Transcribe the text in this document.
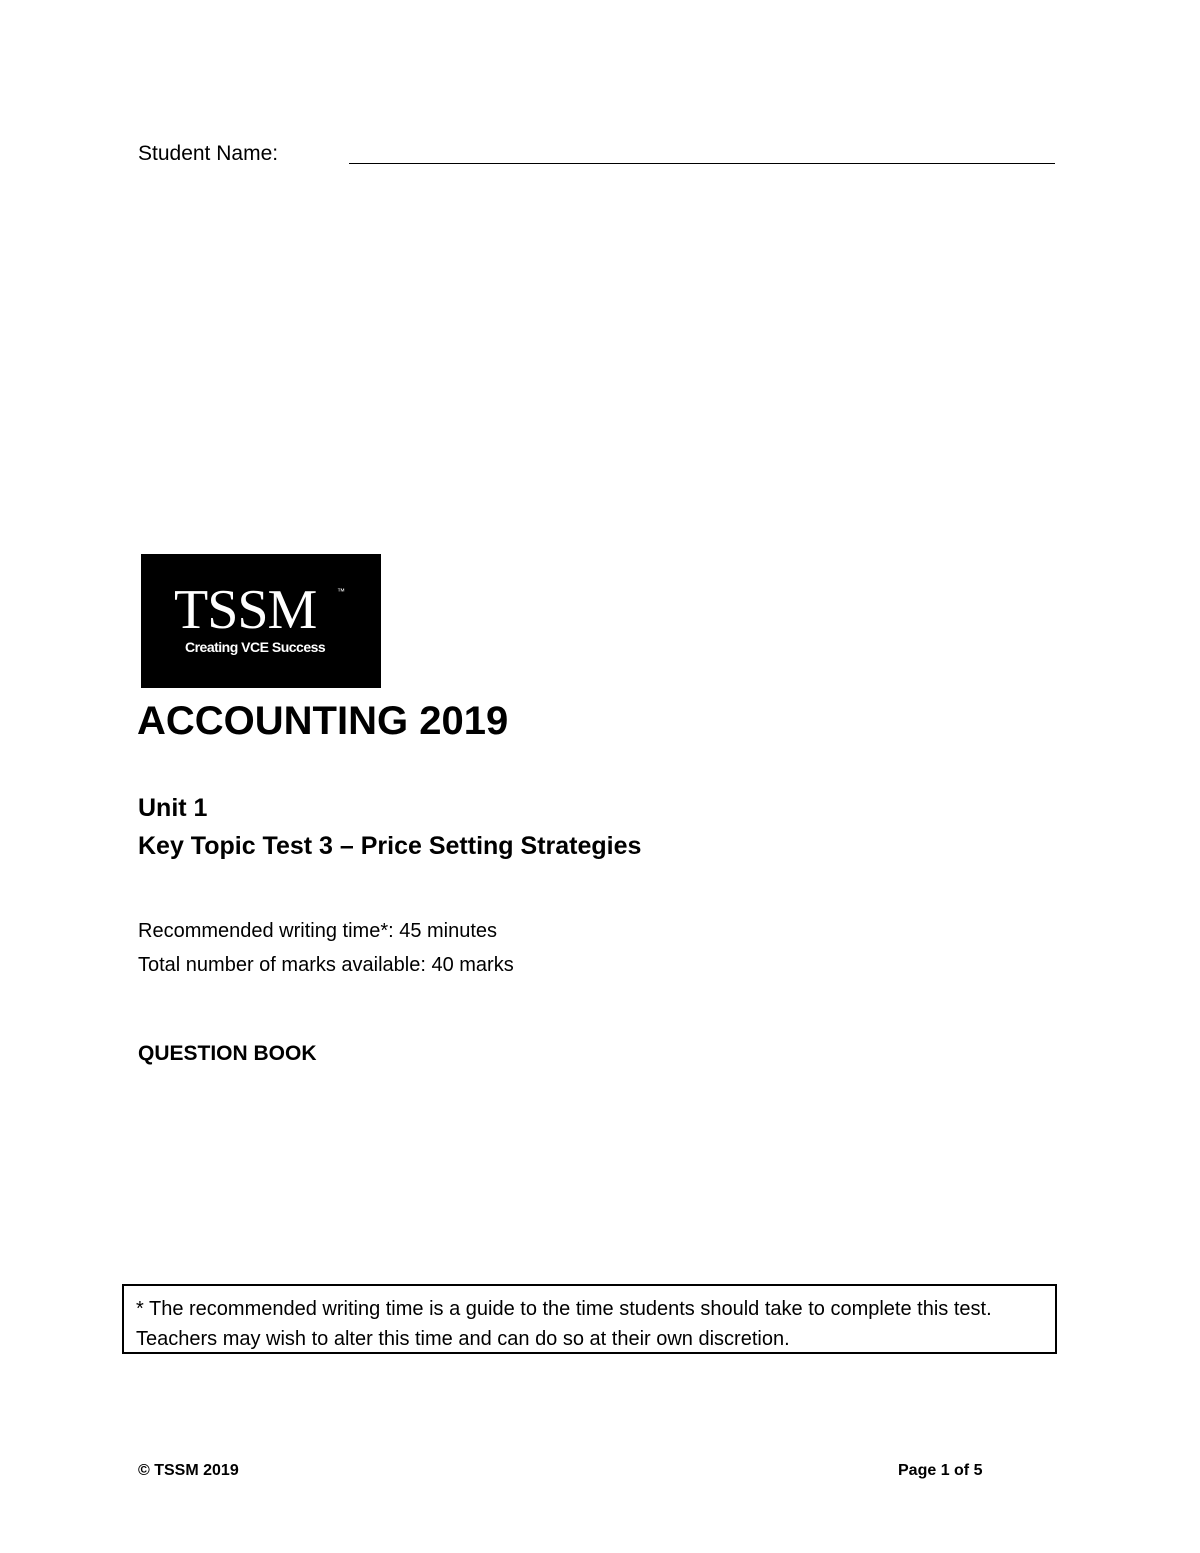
Student Name:
TSSM	™
Creating VCE Success
ACCOUNTING 2019
Unit 1
Key Topic Test 3 – Price Setting Strategies
Recommended writing time*: 45 minutes
Total number of marks available: 40 marks
QUESTION BOOK
* The recommended writing time is a guide to the time students should take to complete this test. Teachers may wish to alter this time and can do so at their own discretion.
© TSSM 2019	Page 1 of 5
